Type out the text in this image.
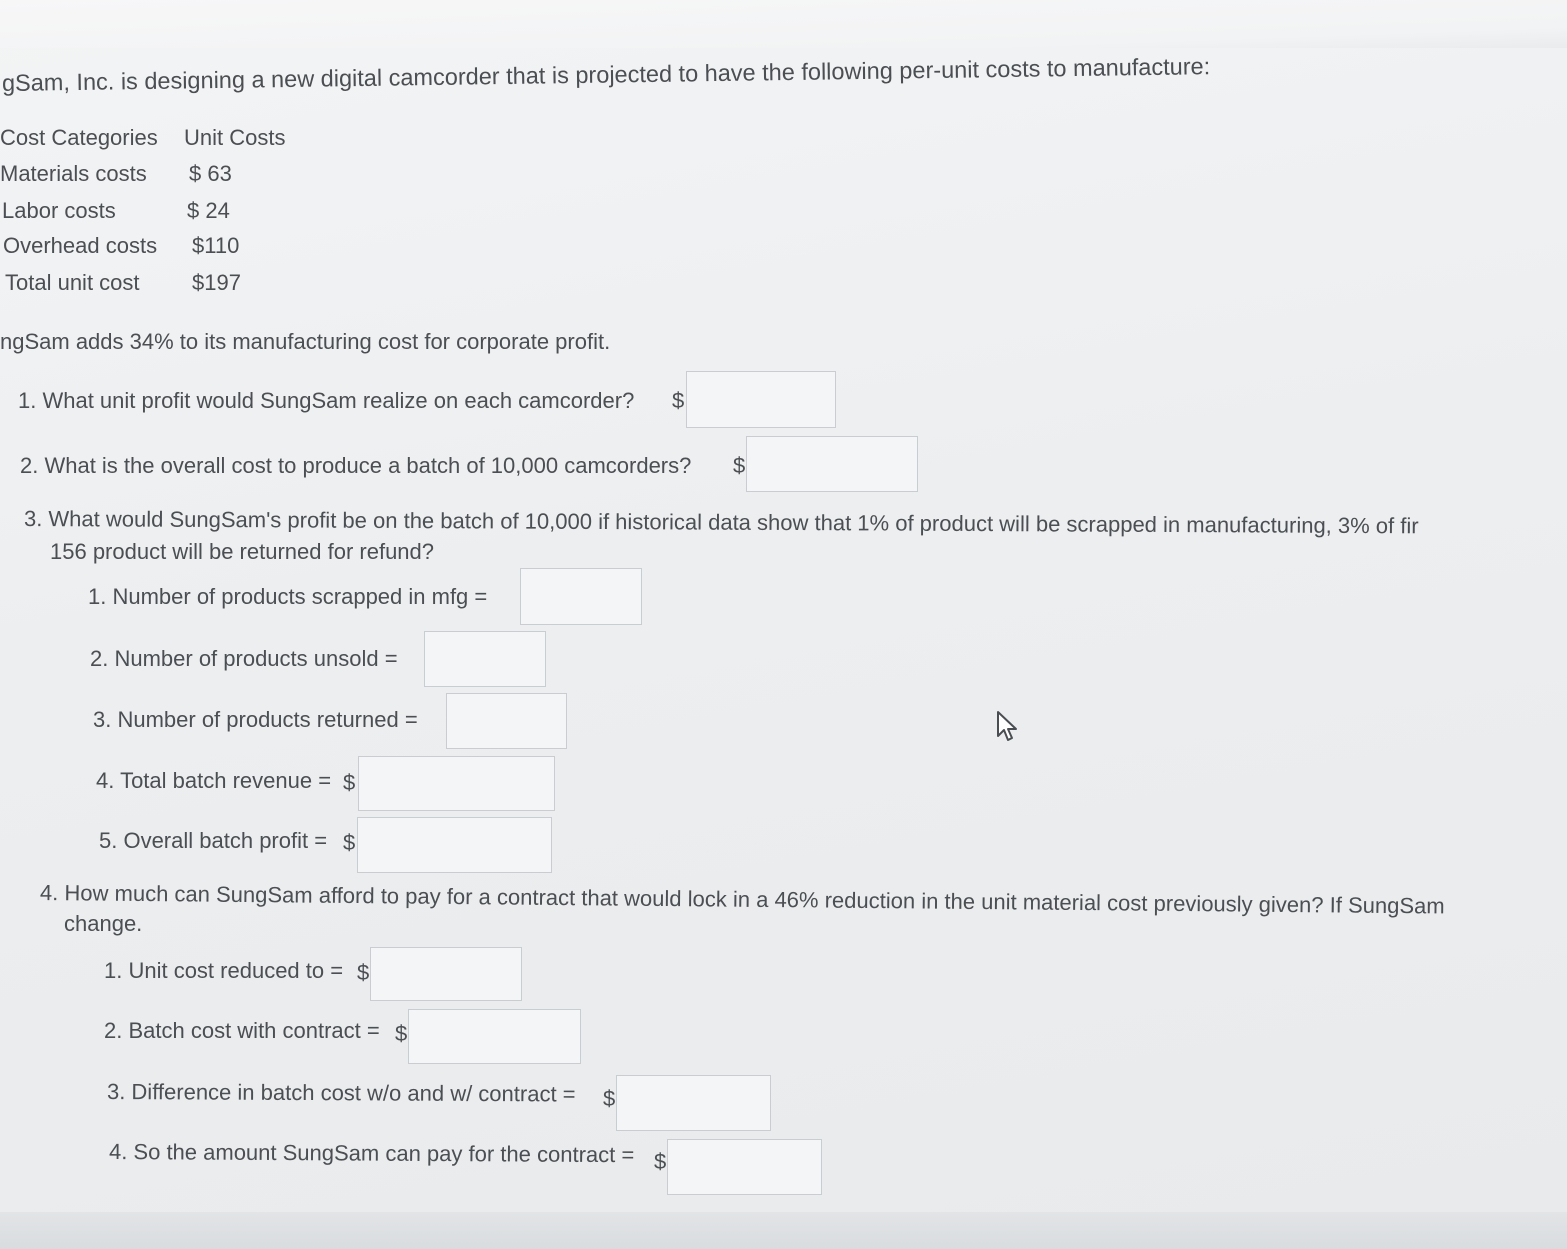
gSam, Inc. is designing a new digital camcorder that is projected to have the following per-unit costs to manufacture:
Cost Categories Unit Costs
Materials costs $ 63
Labor costs	$ 24
Overhead costs $110
Total unit cost $197
ngSam adds 34% to its manufacturing cost for corporate profit.
1. What unit profit would SungSam realize on each camcorder? $
2. What is the overall cost to produce a batch of 10,000 camcorders? $
3. What would SungSam's profit be on the batch of 10,000 if historical data show that 1% of product will be scrapped in manufacturing, 3% of fir
156 product will be returned for refund?
1. Number of products scrapped in mfg =
2. Number of products unsold =
3. Number of products returned =
4. Total batch revenue = $
5. Overall batch profit = $
4. How much can SungSam afford to pay for a contract that would lock in a 46% reduction in the unit material cost previously given? If SungSam
change.
1. Unit cost reduced to = $
2. Batch cost with contract = $
3. Difference in batch cost w/o and w/ contract = $
4. So the amount SungSam can pay for the contract = $
